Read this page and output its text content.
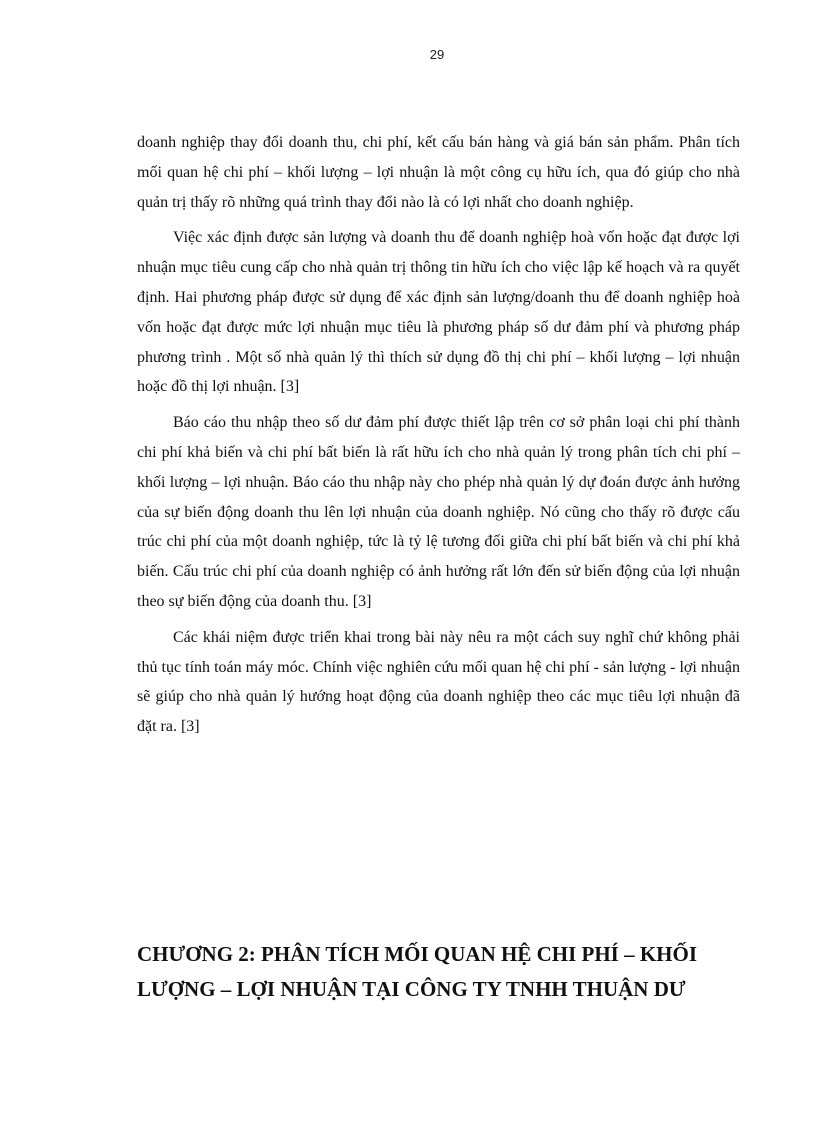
29

doanh nghiệp thay đổi doanh thu, chi phí, kết cấu bán hàng và giá bán sản phẩm. Phân tích mối quan hệ chi phí – khối lượng – lợi nhuận là một công cụ hữu ích, qua đó giúp cho nhà quản trị thấy rõ những quá trình thay đổi nào là có lợi nhất cho doanh nghiệp.

Việc xác định được sản lượng và doanh thu để doanh nghiệp hoà vốn hoặc đạt được lợi nhuận mục tiêu cung cấp cho nhà quản trị thông tin hữu ích cho việc lập kế hoạch và ra quyết định. Hai phương pháp được sử dụng để xác định sản lượng/doanh thu để doanh nghiệp hoà vốn hoặc đạt được mức lợi nhuận mục tiêu là phương pháp số dư đảm phí và phương pháp phương trình . Một số nhà quản lý thì thích sử dụng đồ thị chi phí – khối lượng – lợi nhuận hoặc đồ thị lợi nhuận. [3]

Báo cáo thu nhập theo số dư đảm phí được thiết lập trên cơ sở phân loại chi phí thành chi phí khả biến và chi phí bất biến là rất hữu ích cho nhà quản lý trong phân tích chi phí – khối lượng – lợi nhuận. Báo cáo thu nhập này cho phép nhà quản lý dự đoán được ảnh hưởng của sự biến động doanh thu lên lợi nhuận của doanh nghiệp. Nó cũng cho thấy rõ được cấu trúc chi phí của một doanh nghiệp, tức là tỷ lệ tương đối giữa chi phí bất biến và chi phí khả biến. Cấu trúc chi phí của doanh nghiệp có ảnh hưởng rất lớn đến sử biến động của lợi nhuận theo sự biến động của doanh thu. [3]

Các khái niệm được triển khai trong bài này nêu ra một cách suy nghĩ chứ không phải thủ tục tính toán máy móc. Chính việc nghiên cứu mối quan hệ chi phí - sản lượng - lợi nhuận sẽ giúp cho nhà quản lý hướng hoạt động của doanh nghiệp theo các mục tiêu lợi nhuận đã đặt ra. [3]

CHƯƠNG 2: PHÂN TÍCH MỐI QUAN HỆ CHI PHÍ – KHỐI LƯỢNG – LỢI NHUẬN TẠI CÔNG TY TNHH THUẬN DƯ
